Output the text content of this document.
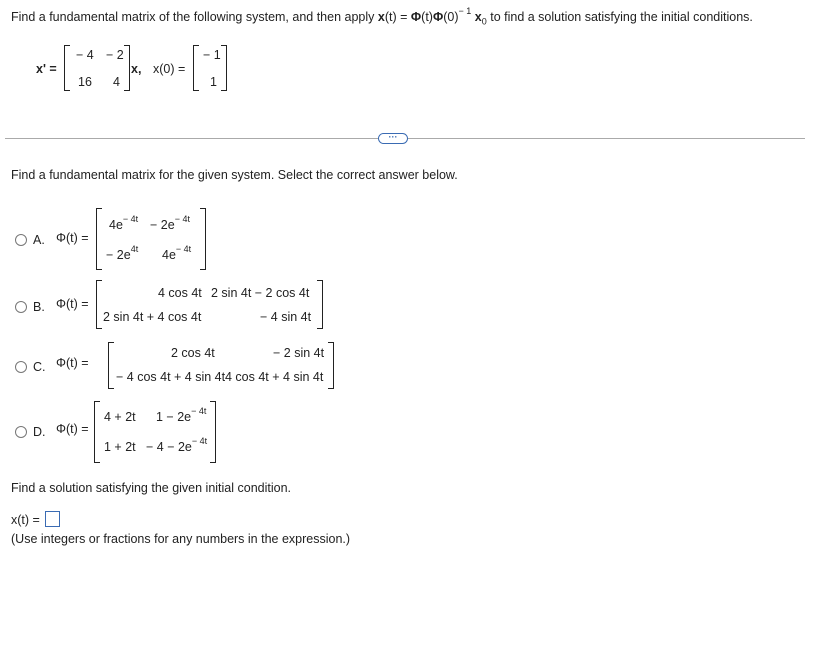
Find a fundamental matrix of the following system, and then apply $x(t) = \Phi(t)\Phi(0)^{- 1}$ $x_0$ to find a solution satisfying the initial conditions.
x' =
− 4 − 2
16 4
x, x(0) =
− 1
1
···
Find a fundamental matrix for the given system. Select the correct answer below.
A. Φ(t) =
$4e^{- 4t} - 2e^{- 4t}$
− $2e^{4t}$ $4e^{- 4t}$
B. Φ(t) =
4 cos 4t 2 sin 4t − 2 cos 4t
2 sin 4t + 4 cos 4t	− 4 sin 4t
C. Φ(t) =
2 cos 4t	− 2 sin 4t
− 4 cos 4t + 4 sin 4t 4 cos 4t + 4 sin 4t
D. Φ(t) =
4 + 2t $1 - 2e^{- 4t}$
$1 + 2t - 4 - 2e^{- 4t}$
Find a solution satisfying the given initial condition.
x(t) =
(Use integers or fractions for any numbers in the expression.)
